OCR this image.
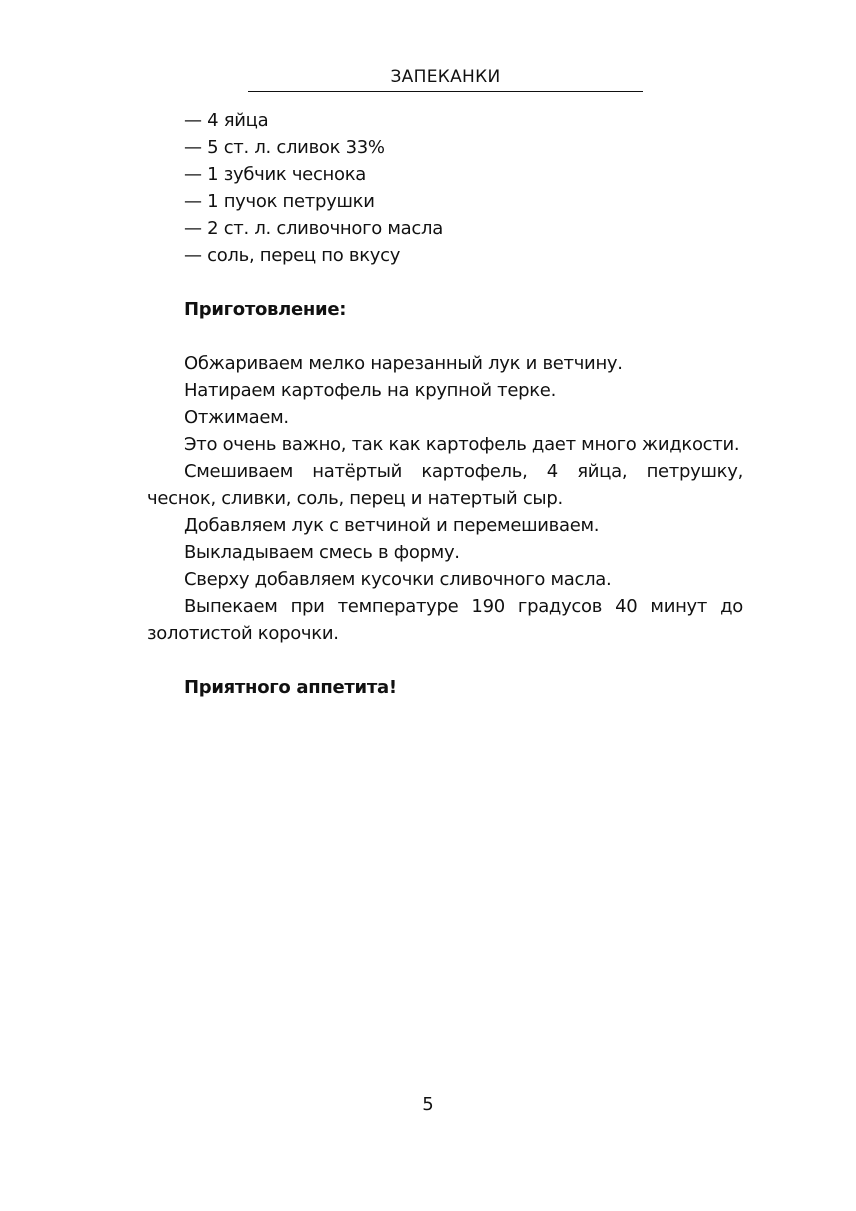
ЗАПЕКАНКИ
— 4 яйца
— 5 ст. л. сливок 33%
— 1 зубчик чеснока
— 1 пучок петрушки
— 2 ст. л. сливочного масла
— соль, перец по вкусу
Приготовление:

Обжариваем мелко нарезанный лук и ветчину.

Натираем картофель на крупной терке.

Отжимаем.

Это очень важно, так как картофель дает много жидкости.

Смешиваем натёртый картофель, 4 яйца, петрушку, чеснок, сливки, соль, перец и натертый сыр.

Добавляем лук с ветчиной и перемешиваем.

Выкладываем смесь в форму.

Сверху добавляем кусочки сливочного масла.

Выпекаем при температуре 190 градусов 40 минут до золотистой корочки.

Приятного аппетита!
5
